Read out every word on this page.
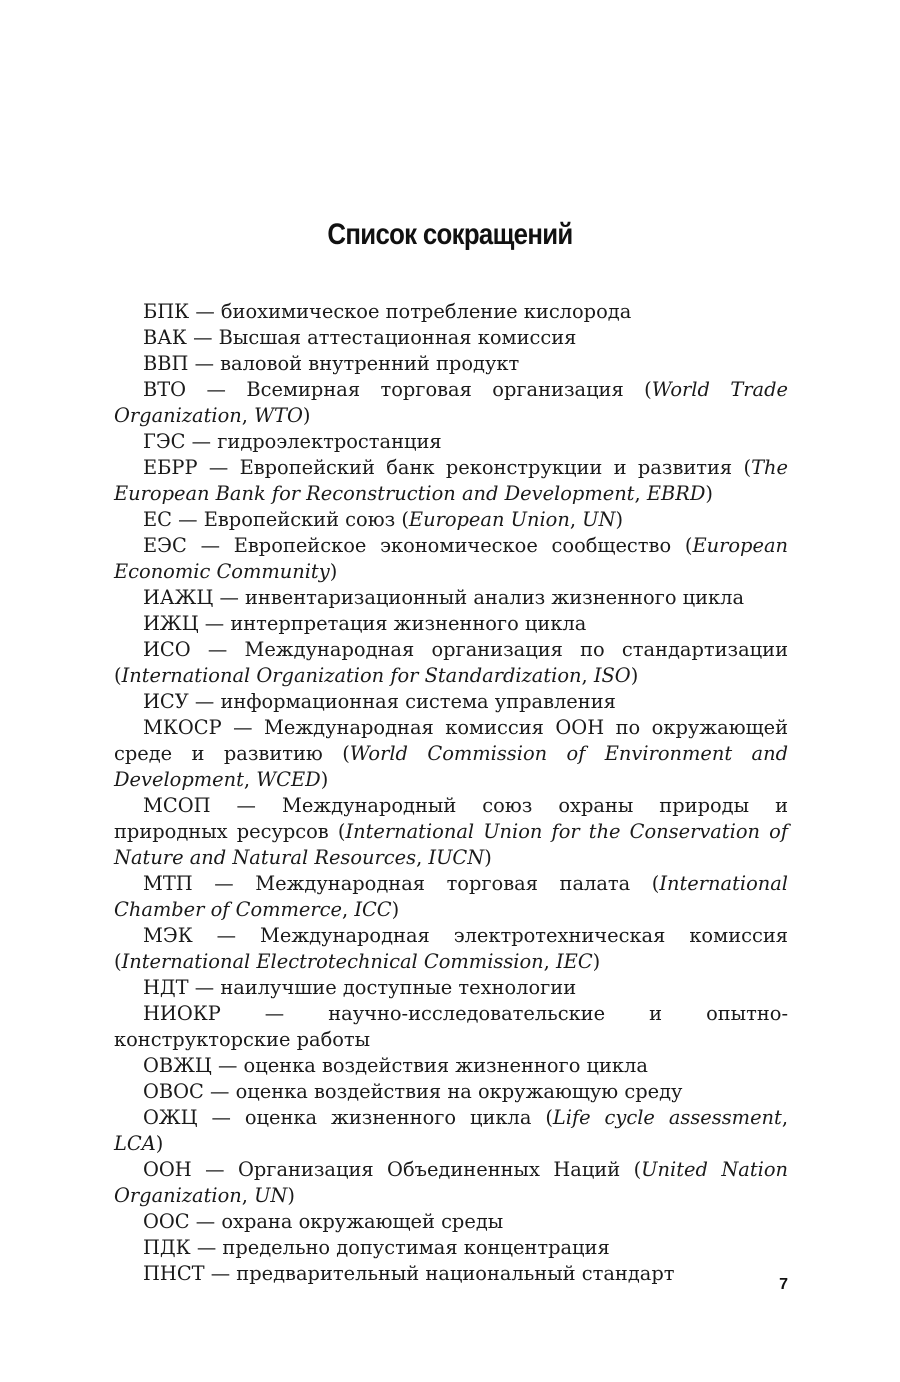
Список сокращений

БПК — биохимическое потребление кислорода

ВАК — Высшая аттестационная комиссия

ВВП — валовой внутренний продукт

ВТО — Всемирная торговая организация (World Trade Organization, WTO)

ГЭС — гидроэлектростанция

ЕБРР — Европейский банк реконструкции и развития (The European Bank for Reconstruction and Development, EBRD)

ЕС — Европейский союз (European Union, UN)

ЕЭС — Европейское экономическое сообщество (European Economic Community)

ИАЖЦ — инвентаризационный анализ жизненного цикла

ИЖЦ — интерпретация жизненного цикла

ИСО — Международная организация по стандартизации (International Organization for Standardization, ISO)

ИСУ — информационная система управления

МКОСР — Международная комиссия ООН по окружающей среде и развитию (World Commission of Environment and Development, WCED)

МСОП — Международный союз охраны природы и природных ресурсов (International Union for the Conservation of Nature and Natural Resources, IUCN)

МТП — Международная торговая палата (International Chamber of Commerce, ICC)

МЭК — Международная электротехническая комиссия (International Electrotechnical Commission, IEC)

НДТ — наилучшие доступные технологии

НИОКР — научно-исследовательские и опытно-конструкторские работы

ОВЖЦ — оценка воздействия жизненного цикла

ОВОС — оценка воздействия на окружающую среду

ОЖЦ — оценка жизненного цикла (Life cycle assessment, LCA)

ООН — Организация Объединенных Наций (United Nation Organization, UN)

ООС — охрана окружающей среды

ПДК — предельно допустимая концентрация

ПНСТ — предварительный национальный стандарт	7
